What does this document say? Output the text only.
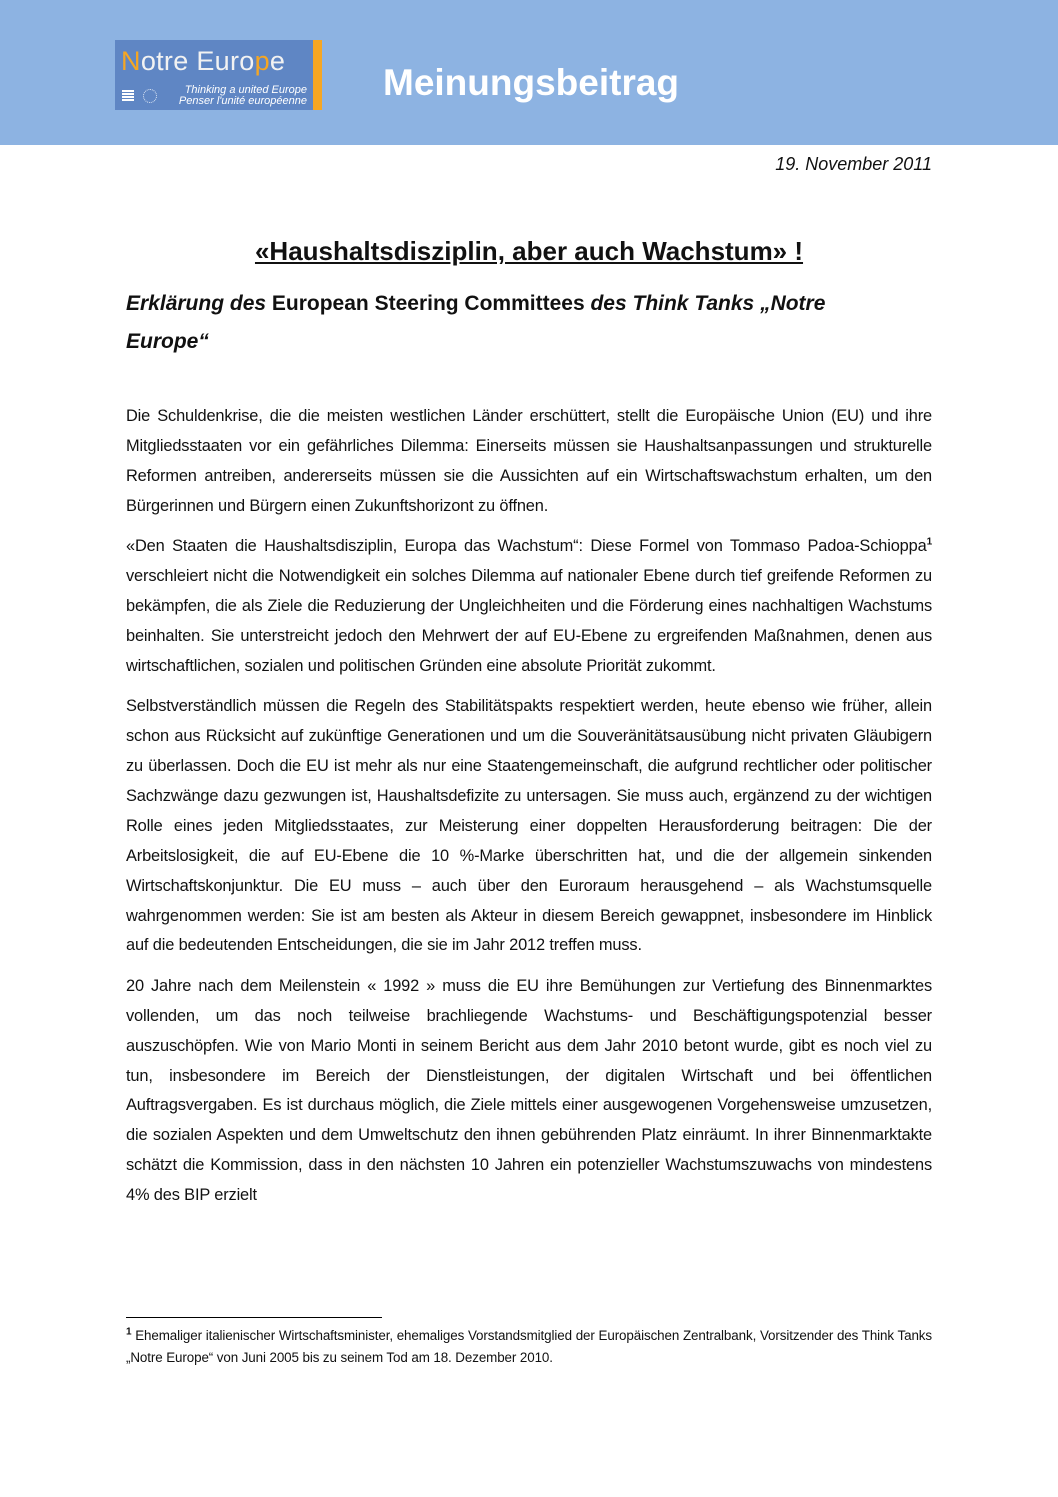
Notre Europe
Thinking a united Europe
Penser l'unité européenne Meinungsbeitrag
19. November 2011
«Haushaltsdisziplin, aber auch Wachstum» !
Erklärung des European Steering Committees des Think Tanks „Notre Europe“

Die Schuldenkrise, die die meisten westlichen Länder erschüttert, stellt die Europäische Union (EU) und ihre Mitgliedsstaaten vor ein gefährliches Dilemma: Einerseits müssen sie Haushaltsanpassungen und strukturelle Reformen antreiben, andererseits müssen sie die Aussichten auf ein Wirtschaftswachstum erhalten, um den Bürgerinnen und Bürgern einen Zukunftshorizont zu öffnen.

«Den Staaten die Haushaltsdisziplin, Europa das Wachstum“: Diese Formel von Tommaso Padoa-Schioppa$^1$ verschleiert nicht die Notwendigkeit ein solches Dilemma auf nationaler Ebene durch tief greifende Reformen zu bekämpfen, die als Ziele die Reduzierung der Ungleichheiten und die Förderung eines nachhaltigen Wachstums beinhalten. Sie unterstreicht jedoch den Mehrwert der auf EU-Ebene zu ergreifenden Maßnahmen, denen aus wirtschaftlichen, sozialen und politischen Gründen eine absolute Priorität zukommt.

Selbstverständlich müssen die Regeln des Stabilitätspakts respektiert werden, heute ebenso wie früher, allein schon aus Rücksicht auf zukünftige Generationen und um die Souveränitätsausübung nicht privaten Gläubigern zu überlassen. Doch die EU ist mehr als nur eine Staatengemeinschaft, die aufgrund rechtlicher oder politischer Sachzwänge dazu gezwungen ist, Haushaltsdefizite zu untersagen. Sie muss auch, ergänzend zu der wichtigen Rolle eines jeden Mitgliedsstaates, zur Meisterung einer doppelten Herausforderung beitragen: Die der Arbeitslosigkeit, die auf EU-Ebene die 10 %-Marke überschritten hat, und die der allgemein sinkenden Wirtschaftskonjunktur. Die EU muss – auch über den Euroraum herausgehend – als Wachstumsquelle wahrgenommen werden: Sie ist am besten als Akteur in diesem Bereich gewappnet, insbesondere im Hinblick auf die bedeutenden Entscheidungen, die sie im Jahr 2012 treffen muss.

20 Jahre nach dem Meilenstein « 1992 » muss die EU ihre Bemühungen zur Vertiefung des Binnenmarktes vollenden, um das noch teilweise brachliegende Wachstums- und Beschäftigungspotenzial besser auszuschöpfen. Wie von Mario Monti in seinem Bericht aus dem Jahr 2010 betont wurde, gibt es noch viel zu tun, insbesondere im Bereich der Dienstleistungen, der digitalen Wirtschaft und bei öffentlichen Auftragsvergaben. Es ist durchaus möglich, die Ziele mittels einer ausgewogenen Vorgehensweise umzusetzen, die sozialen Aspekten und dem Umweltschutz den ihnen gebührenden Platz einräumt. In ihrer Binnenmarktakte schätzt die Kommission, dass in den nächsten 10 Jahren ein potenzieller Wachstumszuwachs von mindestens 4% des BIP erzielt

$^1$ Ehemaliger italienischer Wirtschaftsminister, ehemaliges Vorstandsmitglied der Europäischen Zentralbank, Vorsitzender des Think Tanks „Notre Europe“ von Juni 2005 bis zu seinem Tod am 18. Dezember 2010.
